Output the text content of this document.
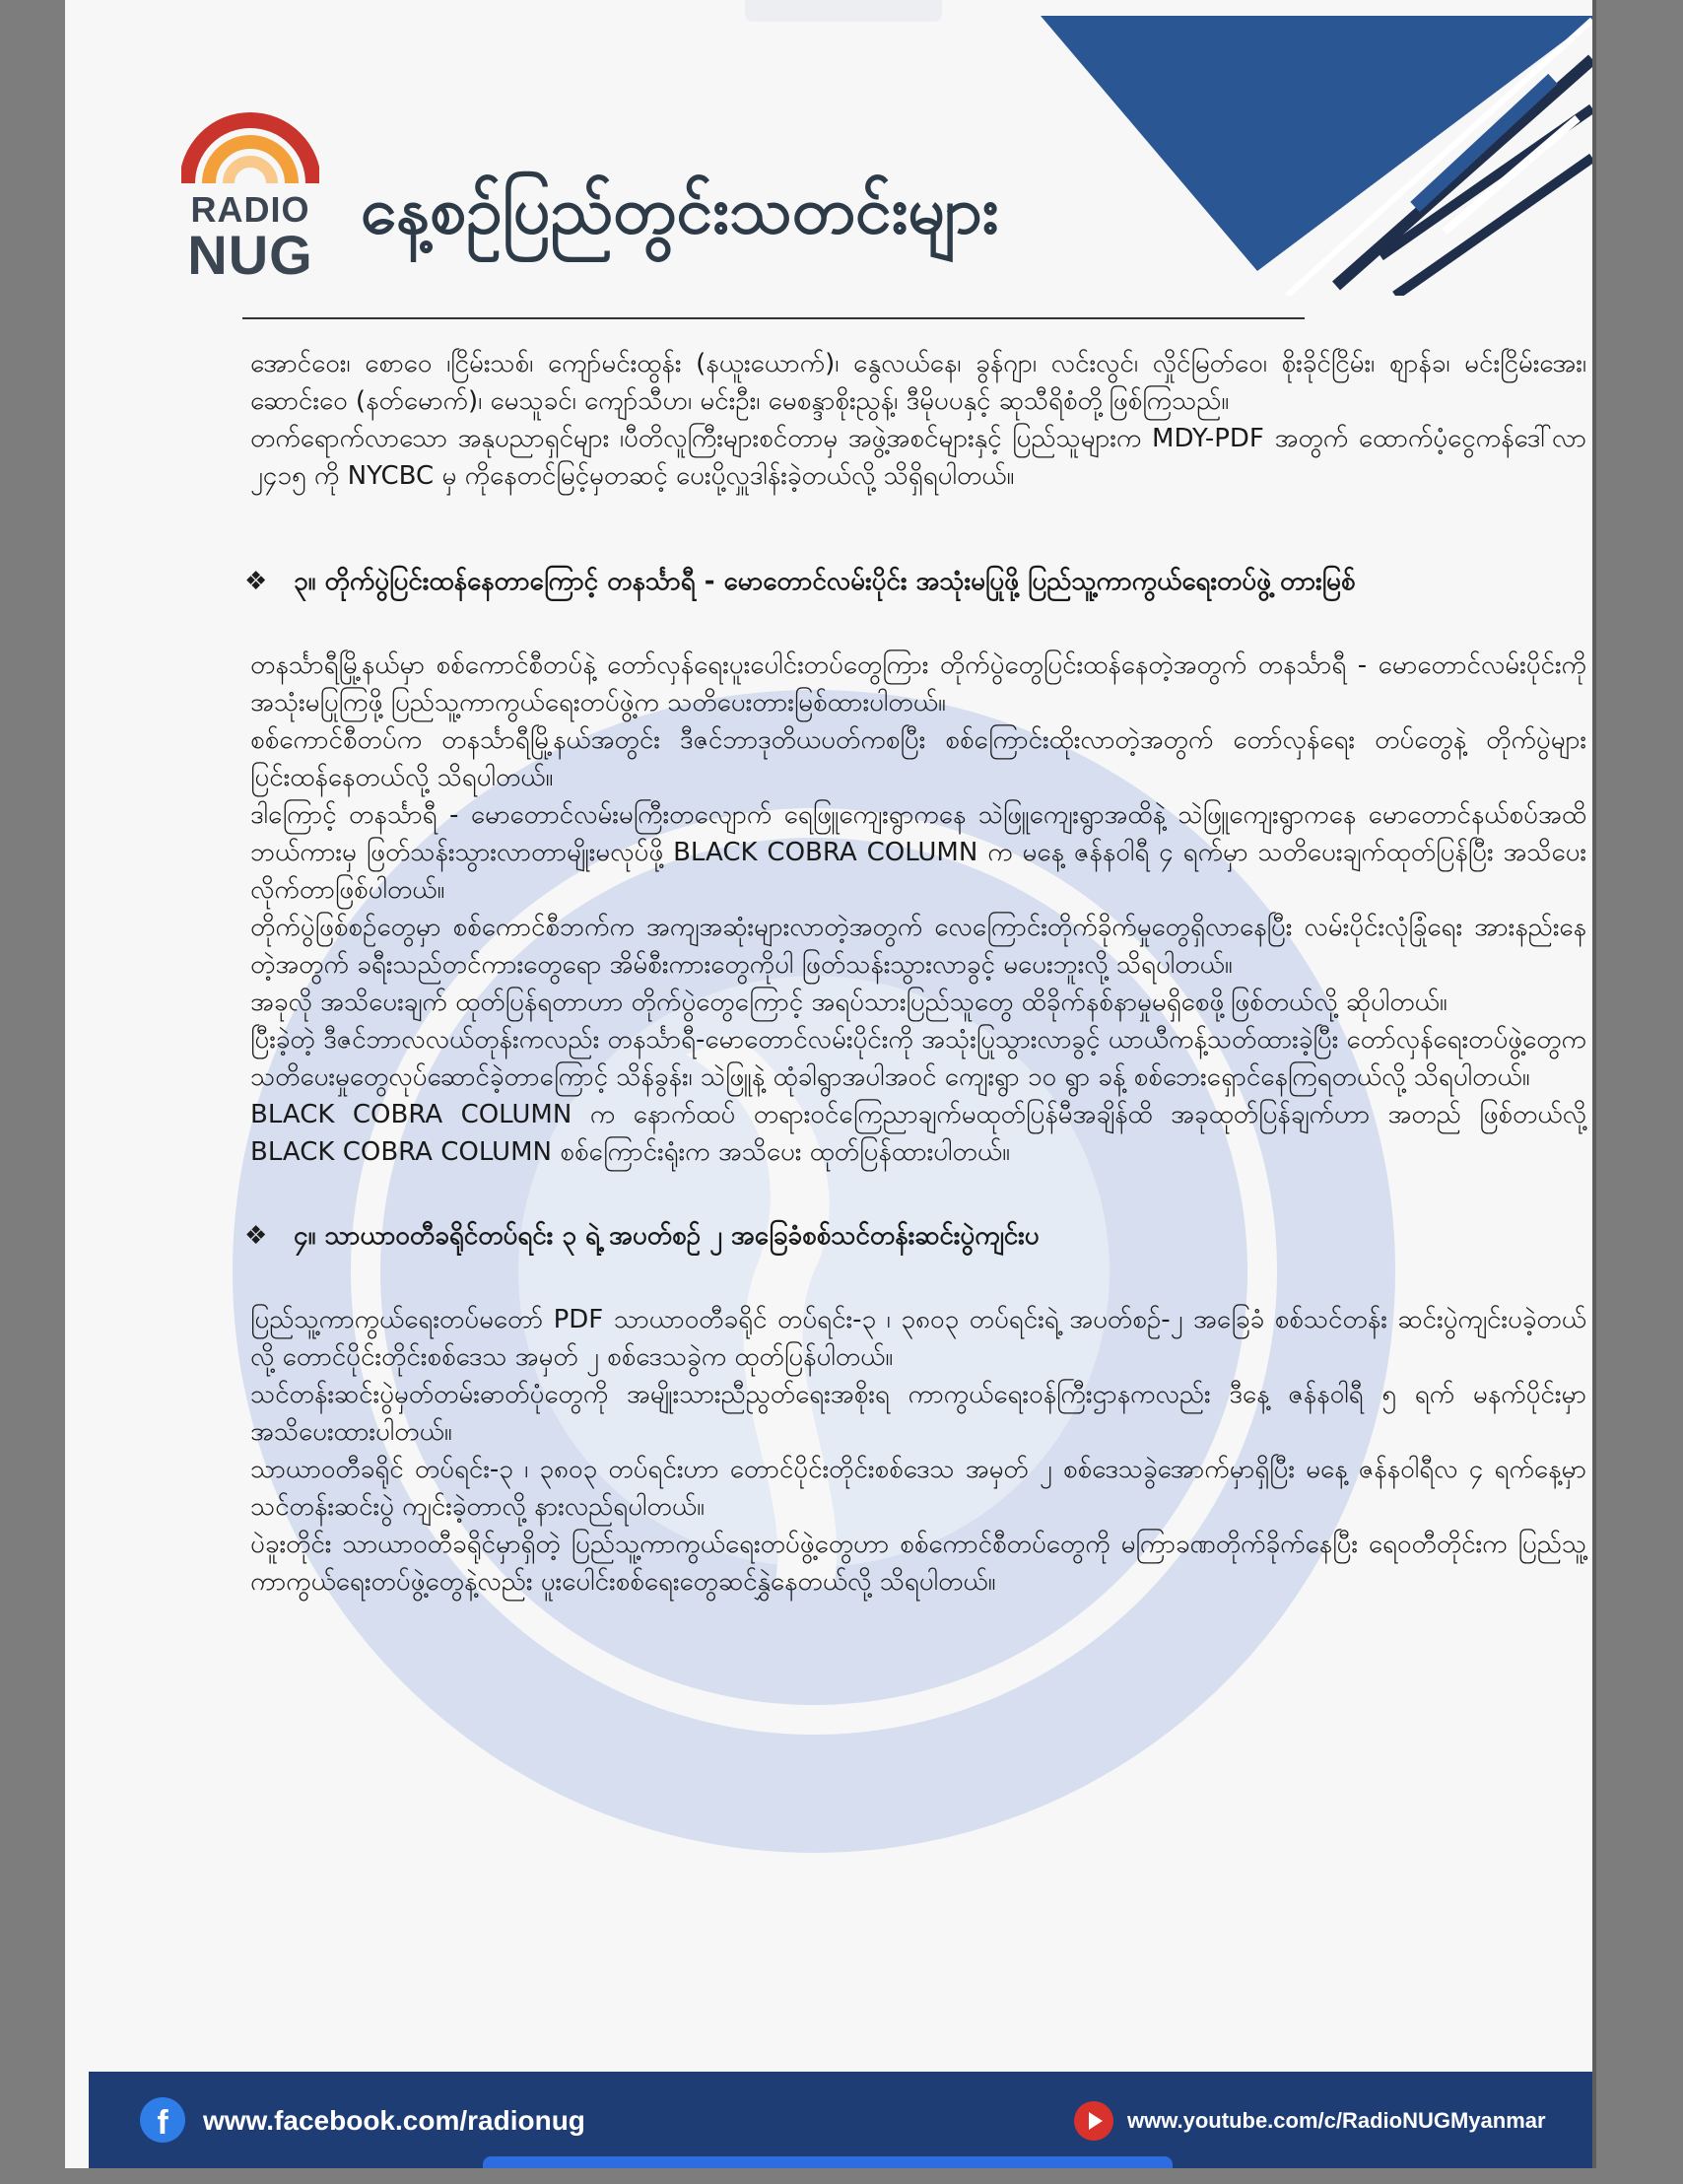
RADIO
NUG
နေ့စဉ်ပြည်တွင်းသတင်းများ

အောင်ဝေး၊ စောဝေ ၊ငြိမ်းသစ်၊ ကျော်မင်းထွန်း (နယူးယောက်)၊ နွေလယ်နေ၊ ခွန်ဂျာ၊ လင်းလွင်၊ လှိုင်မြတ်ဝေ၊ စိုးခိုင်ငြိမ်း၊ စျာန်ခ၊ မင်းငြိမ်းအေး၊ ဆောင်းဝေ (နတ်မောက်)၊ မေသူခင်၊ ကျော်သီဟ၊ မင်းဦး၊ မေစန္ဒာစိုးညွန့်၊ ဒီမိုပပနှင့် ဆုသီရိစံတို့ဖြစ်ကြသည်။

တက်ရောက်လာသော အနုပညာရှင်များ ၊ပီတိလူကြီးများစင်တာမှ အဖွဲ့အစင်များနှင့် ပြည်သူများက MDY-PDF အတွက် ထောက်ပံ့ငွေကန်ဒေါ်လာ ၂၄၁၅ ကို NYCBC မှ ကိုနေတင်မြင့်မှတဆင့် ပေးပို့လှူဒါန်းခဲ့တယ်လို့ သိရှိရပါတယ်။

❖ ၃။ တိုက်ပွဲပြင်းထန်နေတာကြောင့် တနင်္သာရီ - မောတောင်လမ်းပိုင်း အသုံးမပြုဖို့ ပြည်သူ့ကာကွယ်ရေးတပ်ဖွဲ့ တားမြစ်

တနင်္သာရီမြို့နယ်မှာ စစ်ကောင်စီတပ်နဲ့ တော်လှန်ရေးပူးပေါင်းတပ်တွေကြား တိုက်ပွဲတွေပြင်းထန်နေတဲ့အတွက် တနင်္သာရီ - မောတောင်လမ်းပိုင်းကို အသုံးမပြုကြဖို့ ပြည်သူ့ကာကွယ်ရေးတပ်ဖွဲ့က သတိပေးတားမြစ်ထားပါတယ်။

စစ်ကောင်စီတပ်က တနင်္သာရီမြို့နယ်အတွင်း ဒီဇင်ဘာဒုတိယပတ်ကစပြီး စစ်ကြောင်းထိုးလာတဲ့အတွက် တော်လှန်ရေး တပ်တွေနဲ့ တိုက်ပွဲများပြင်းထန်နေတယ်လို့ သိရပါတယ်။

ဒါကြောင့် တနင်္သာရီ - မောတောင်လမ်းမကြီးတလျောက် ရေဖြူကျေးရွာကနေ သဲဖြူကျေးရွာအထိနဲ့ သဲဖြူကျေးရွာကနေ မောတောင်နယ်စပ်အထိ ဘယ်ကားမှ ဖြတ်သန်းသွားလာတာမျိုးမလုပ်ဖို့ BLACK COBRA COLUMN က မနေ့ ဇန်နဝါရီ ၄ ရက်မှာ သတိပေးချက်ထုတ်ပြန်ပြီး အသိပေးလိုက်တာဖြစ်ပါတယ်။

တိုက်ပွဲဖြစ်စဉ်တွေမှာ စစ်ကောင်စီဘက်က အကျအဆုံးများလာတဲ့အတွက် လေကြောင်းတိုက်ခိုက်မှုတွေရှိလာနေပြီး လမ်းပိုင်းလုံခြုံရေး အားနည်းနေတဲ့အတွက် ခရီးသည်တင်ကားတွေရော အိမ်စီးကားတွေကိုပါ ဖြတ်သန်းသွားလာခွင့် မပေးဘူးလို့ သိရပါတယ်။

အခုလို အသိပေးချက် ထုတ်ပြန်ရတာဟာ တိုက်ပွဲတွေကြောင့် အရပ်သားပြည်သူတွေ ထိခိုက်နစ်နာမှုမရှိစေဖို့ဖြစ်တယ်လို့ ဆိုပါတယ်။

ပြီးခဲ့တဲ့ ဒီဇင်ဘာလလယ်တုန်းကလည်း တနင်္သာရီ-မောတောင်လမ်းပိုင်းကို အသုံးပြုသွားလာခွင့် ယာယီကန့်သတ်ထားခဲ့ပြီး တော်လှန်ရေးတပ်ဖွဲ့တွေက သတိပေးမှုတွေလုပ်ဆောင်ခဲ့တာကြောင့် သိန်ခွန်း၊ သဲဖြူနဲ့ ထုံခါရွာအပါအဝင် ကျေးရွာ ၁၀ ရွာ ခန့် စစ်ဘေးရှောင်နေကြရတယ်လို့ သိရပါတယ်။

BLACK COBRA COLUMN က နောက်ထပ် တရားဝင်ကြေညာချက်မထုတ်ပြန်မီအချိန်ထိ အခုထုတ်ပြန်ချက်ဟာ အတည် ဖြစ်တယ်လို့ BLACK COBRA COLUMN စစ်ကြောင်းရုံးက အသိပေး ထုတ်ပြန်ထားပါတယ်။

❖ ၄။ သာယာဝတီခရိုင်တပ်ရင်း ၃ ရဲ့ အပတ်စဉ် ၂ အခြေခံစစ်သင်တန်းဆင်းပွဲကျင်းပ

ပြည်သူ့ကာကွယ်ရေးတပ်မတော် PDF သာယာဝတီခရိုင် တပ်ရင်း-၃ ၊ ၃၈၀၃ တပ်ရင်းရဲ့ အပတ်စဉ်-၂ အခြေခံ စစ်သင်တန်း ဆင်းပွဲကျင်းပခဲ့တယ်လို့ တောင်ပိုင်းတိုင်းစစ်ဒေသ အမှတ် ၂ စစ်ဒေသခွဲက ထုတ်ပြန်ပါတယ်။

သင်တန်းဆင်းပွဲမှတ်တမ်းဓာတ်ပုံတွေကို အမျိုးသားညီညွတ်ရေးအစိုးရ ကာကွယ်ရေးဝန်ကြီးဌာနကလည်း ဒီနေ့ ဇန်နဝါရီ ၅ ရက် မနက်ပိုင်းမှာ အသိပေးထားပါတယ်။

သာယာဝတီခရိုင် တပ်ရင်း-၃ ၊ ၃၈၀၃ တပ်ရင်းဟာ တောင်ပိုင်းတိုင်းစစ်ဒေသ အမှတ် ၂ စစ်ဒေသခွဲအောက်မှာရှိပြီး မနေ့ ဇန်နဝါရီလ ၄ ရက်နေ့မှာ သင်တန်းဆင်းပွဲ ကျင်းခဲ့တာလို့ နားလည်ရပါတယ်။

ပဲခူးတိုင်း သာယာဝတီခရိုင်မှာရှိတဲ့ ပြည်သူ့ကာကွယ်ရေးတပ်ဖွဲ့တွေဟာ စစ်ကောင်စီတပ်တွေကို မကြာခဏတိုက်ခိုက်နေပြီး ရေဝတီတိုင်းက ပြည်သူ့ကာကွယ်ရေးတပ်ဖွဲ့တွေနဲ့လည်း ပူးပေါင်းစစ်ရေးတွေဆင်နွှဲနေတယ်လို့ သိရပါတယ်။

f	www.facebook.com/radionug	www.youtube.com/c/RadioNUGMyanmar
